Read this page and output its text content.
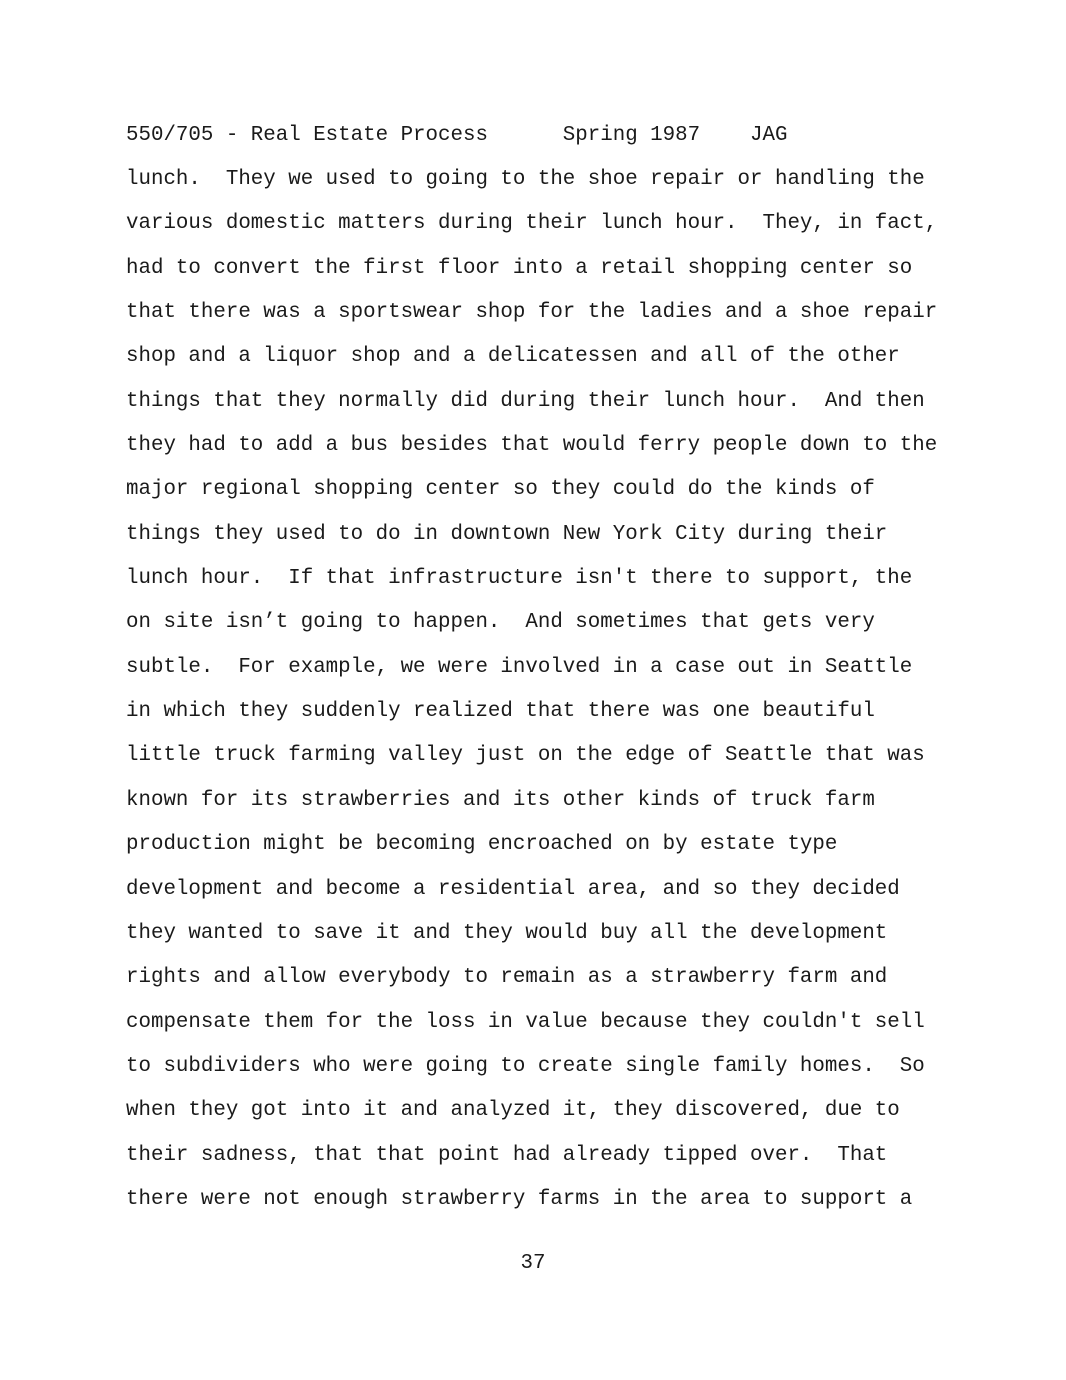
550/705 - Real Estate Process      Spring 1987    JAG
lunch.  They we used to going to the shoe repair or handling the
various domestic matters during their lunch hour.  They, in fact,
had to convert the first floor into a retail shopping center so
that there was a sportswear shop for the ladies and a shoe repair
shop and a liquor shop and a delicatessen and all of the other
things that they normally did during their lunch hour.  And then
they had to add a bus besides that would ferry people down to the
major regional shopping center so they could do the kinds of
things they used to do in downtown New York City during their
lunch hour.  If that infrastructure isn't there to support, the
on site isn’t going to happen.  And sometimes that gets very
subtle.  For example, we were involved in a case out in Seattle
in which they suddenly realized that there was one beautiful
little truck farming valley just on the edge of Seattle that was
known for its strawberries and its other kinds of truck farm
production might be becoming encroached on by estate type
development and become a residential area, and so they decided
they wanted to save it and they would buy all the development
rights and allow everybody to remain as a strawberry farm and
compensate them for the loss in value because they couldn't sell
to subdividers who were going to create single family homes.  So
when they got into it and analyzed it, they discovered, due to
their sadness, that that point had already tipped over.  That
there were not enough strawberry farms in the area to support a
37
